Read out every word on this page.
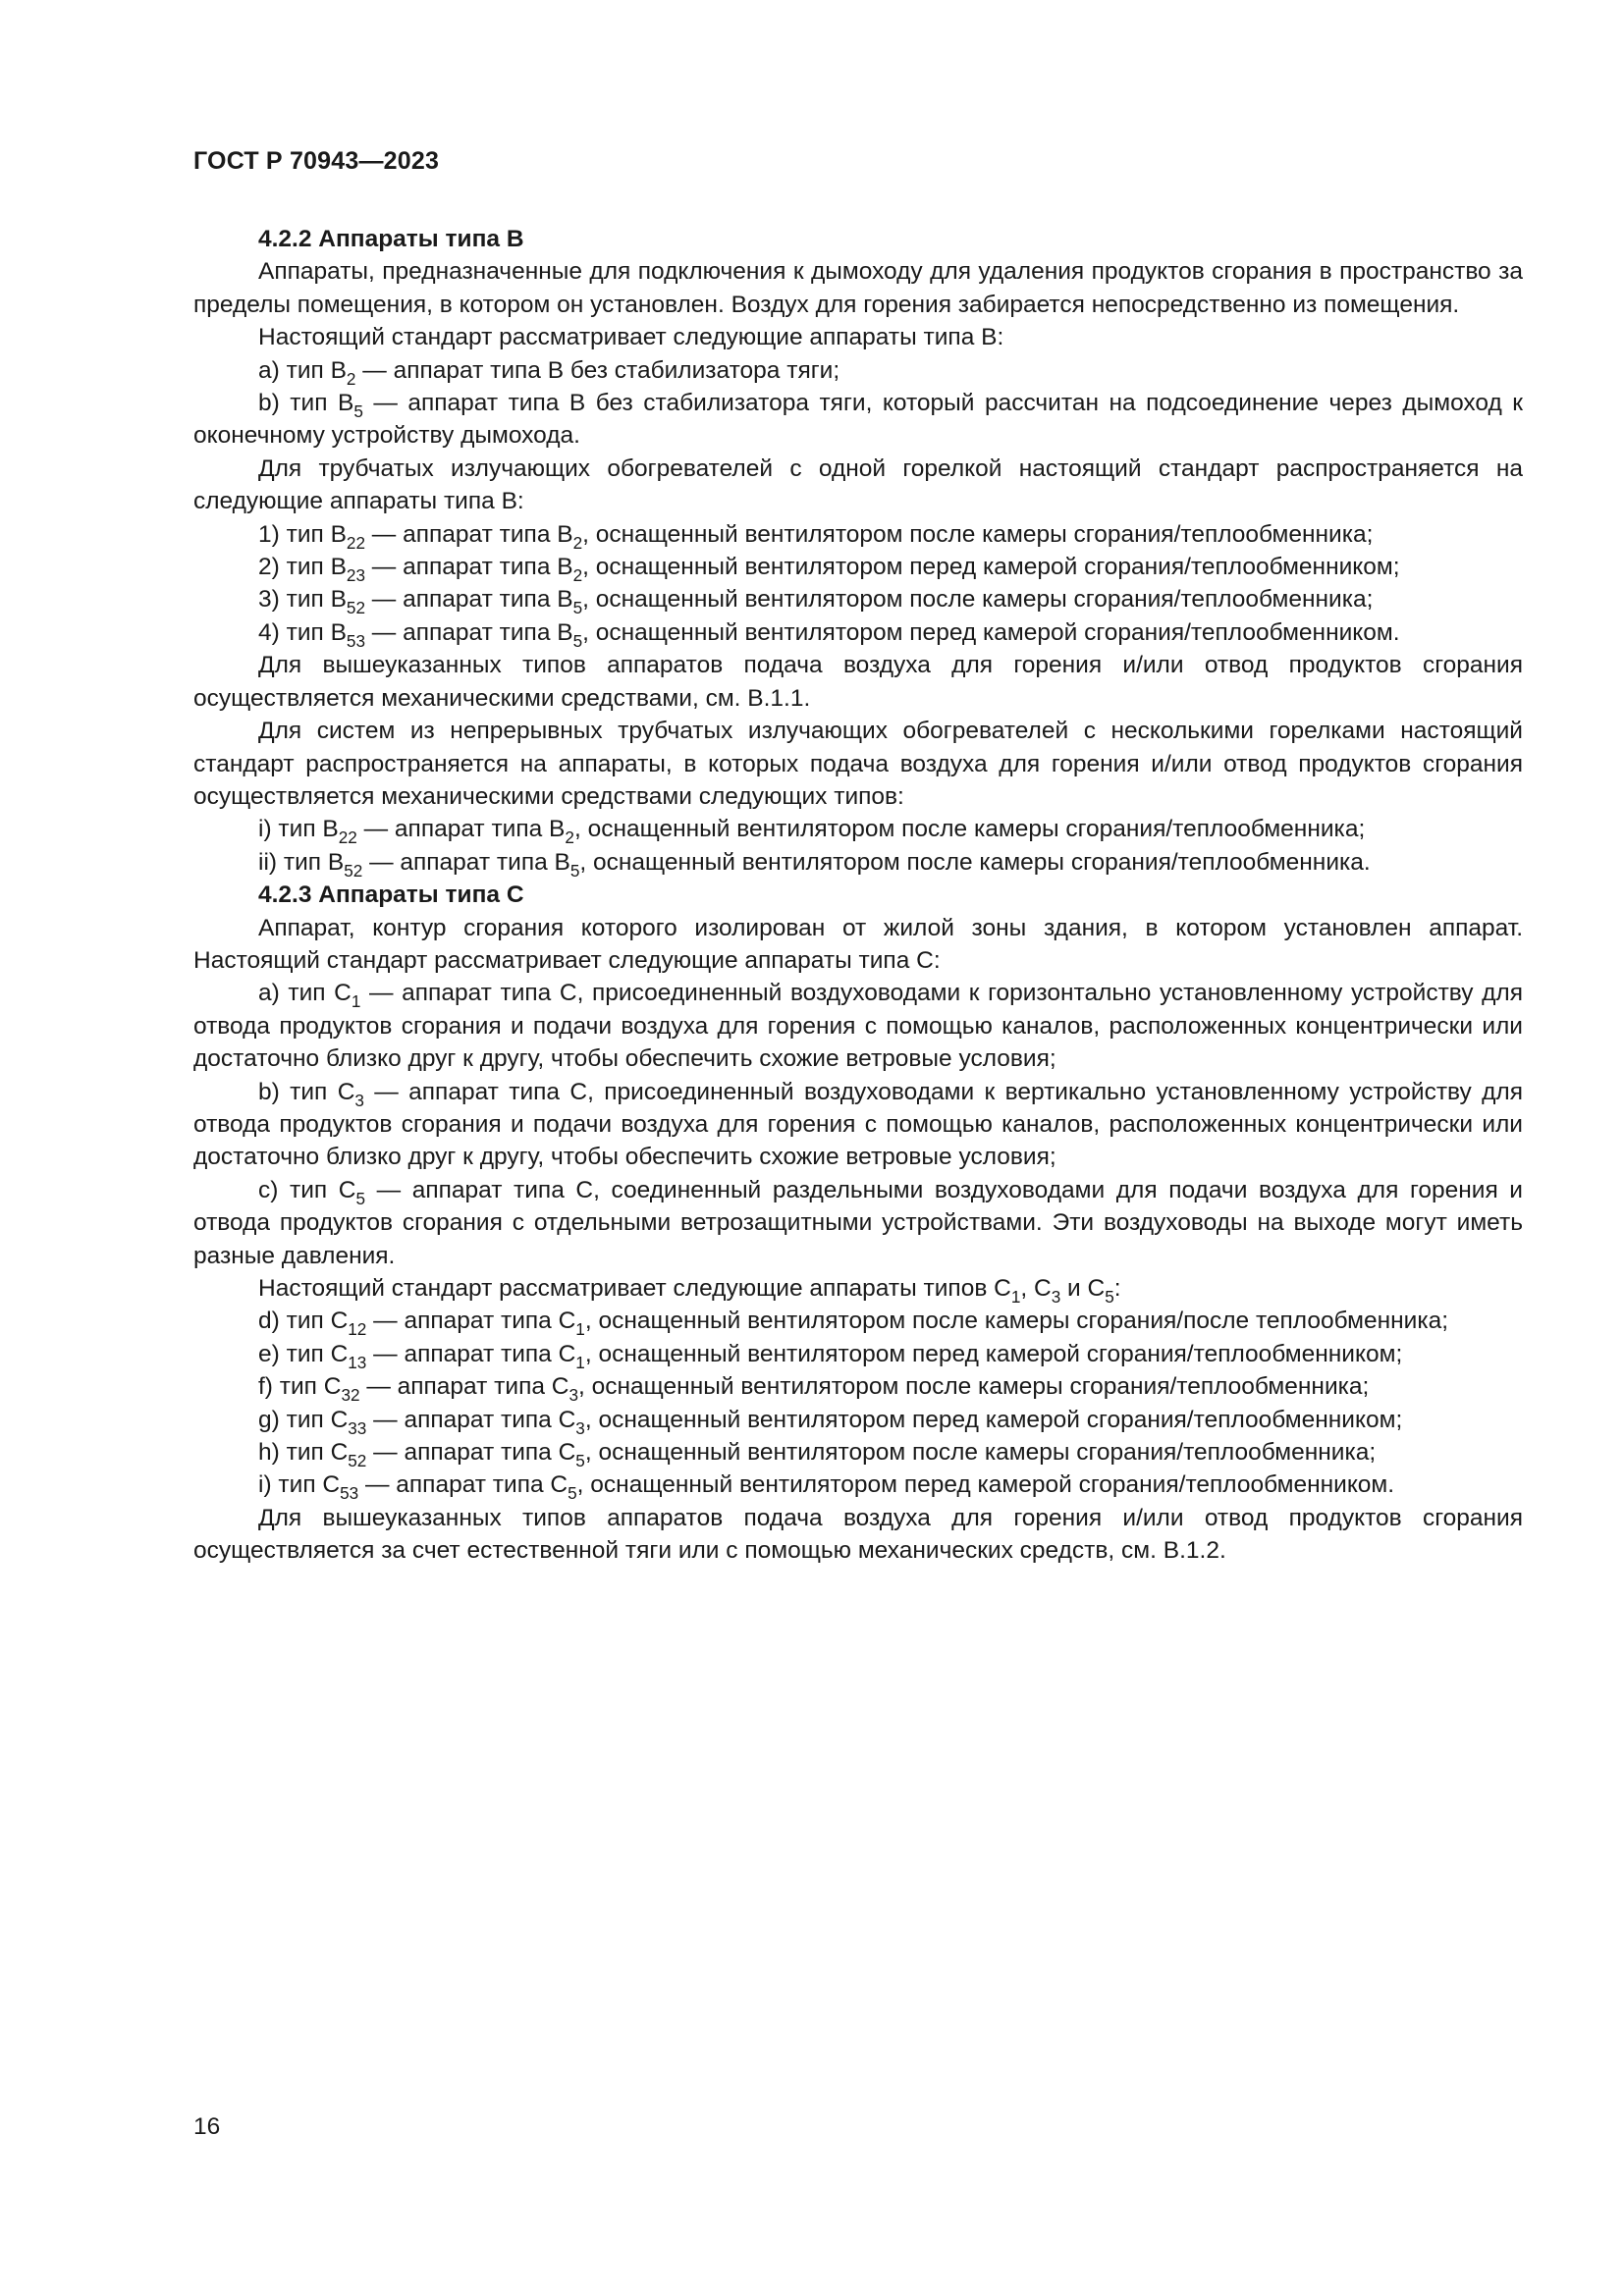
ГОСТ Р 70943—2023

4.2.2 Аппараты типа В

Аппараты, предназначенные для подключения к дымоходу для удаления продуктов сгорания в пространство за пределы помещения, в котором он установлен. Воздух для горения забирается непосредственно из помещения.

Настоящий стандарт рассматривает следующие аппараты типа В:

a) тип $В_2$ — аппарат типа В без стабилизатора тяги;

b) тип $В_5$ — аппарат типа В без стабилизатора тяги, который рассчитан на подсоединение через дымоход к оконечному устройству дымохода.

Для трубчатых излучающих обогревателей с одной горелкой настоящий стандарт распространяется на следующие аппараты типа В:

1) тип $В_{22}$ — аппарат типа $В_2$, оснащенный вентилятором после камеры сгорания/теплообменника;

2) тип $В_{23}$ — аппарат типа $В_2$, оснащенный вентилятором перед камерой сгорания/теплообменником;

3) тип $В_{52}$ — аппарат типа $В_5$, оснащенный вентилятором после камеры сгорания/теплообменника;

4) тип $В_{53}$ — аппарат типа $В_5$, оснащенный вентилятором перед камерой сгорания/теплообменником.

Для вышеуказанных типов аппаратов подача воздуха для горения и/или отвод продуктов сгорания осуществляется механическими средствами, см. В.1.1.

Для систем из непрерывных трубчатых излучающих обогревателей с несколькими горелками настоящий стандарт распространяется на аппараты, в которых подача воздуха для горения и/или отвод продуктов сгорания осуществляется механическими средствами следующих типов:

i) тип $В_{22}$ — аппарат типа $В_2$, оснащенный вентилятором после камеры сгорания/теплообменника;

ii) тип $В_{52}$ — аппарат типа $В_5$, оснащенный вентилятором после камеры сгорания/теплообменника.

4.2.3 Аппараты типа С

Аппарат, контур сгорания которого изолирован от жилой зоны здания, в котором установлен аппарат. Настоящий стандарт рассматривает следующие аппараты типа С:

a) тип $С_1$ — аппарат типа С, присоединенный воздуховодами к горизонтально установленному устройству для отвода продуктов сгорания и подачи воздуха для горения с помощью каналов, расположенных концентрически или достаточно близко друг к другу, чтобы обеспечить схожие ветровые условия;

b) тип $С_3$ — аппарат типа С, присоединенный воздуховодами к вертикально установленному устройству для отвода продуктов сгорания и подачи воздуха для горения с помощью каналов, расположенных концентрически или достаточно близко друг к другу, чтобы обеспечить схожие ветровые условия;

c) тип $С_5$ — аппарат типа С, соединенный раздельными воздуховодами для подачи воздуха для горения и отвода продуктов сгорания с отдельными ветрозащитными устройствами. Эти воздуховоды на выходе могут иметь разные давления.

Настоящий стандарт рассматривает следующие аппараты типов $С_1$, $С_3$ и $С_5$:

d) тип $С_{12}$ — аппарат типа $С_1$, оснащенный вентилятором после камеры сгорания/после теплообменника;

e) тип $С_{13}$ — аппарат типа $С_1$, оснащенный вентилятором перед камерой сгорания/теплообменником;

f) тип $С_{32}$ — аппарат типа $С_3$, оснащенный вентилятором после камеры сгорания/теплообменника;

g) тип $С_{33}$ — аппарат типа $С_3$, оснащенный вентилятором перед камерой сгорания/теплообменником;

h) тип $С_{52}$ — аппарат типа $С_5$, оснащенный вентилятором после камеры сгорания/теплообменника;

i) тип $С_{53}$ — аппарат типа $С_5$, оснащенный вентилятором перед камерой сгорания/теплообменником.

Для вышеуказанных типов аппаратов подача воздуха для горения и/или отвод продуктов сгорания осуществляется за счет естественной тяги или с помощью механических средств, см. В.1.2.

16
